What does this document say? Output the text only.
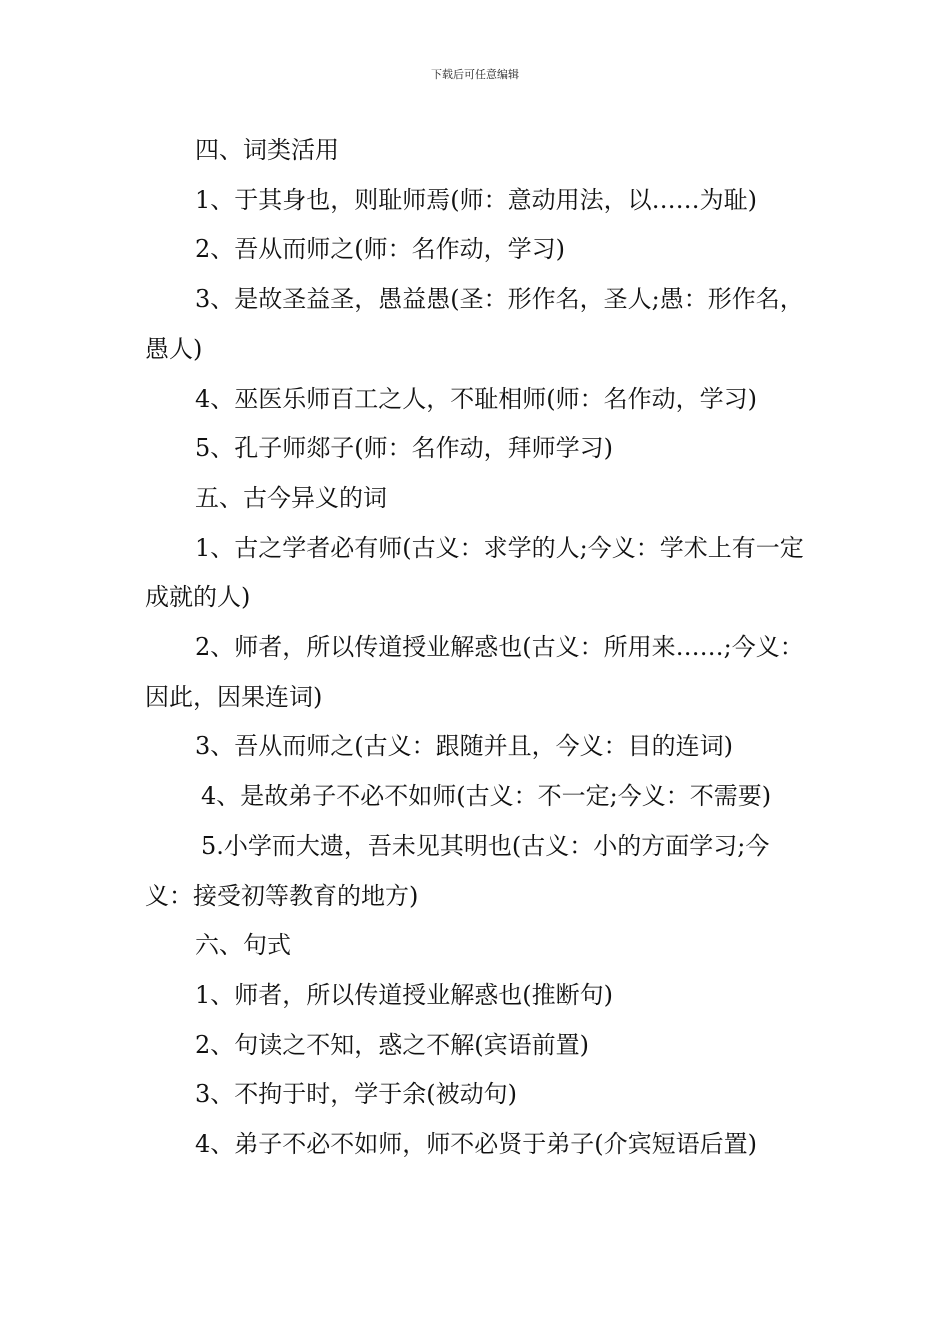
下载后可任意编辑

四、词类活用

1、于其身也，则耻师焉(师：意动用法，以……为耻)

2、吾从而师之(师：名作动，学习)

3、是故圣益圣，愚益愚(圣：形作名，圣人;愚：形作名，愚人)

4、巫医乐师百工之人，不耻相师(师：名作动，学习)

5、孔子师郯子(师：名作动，拜师学习)

五、古今异义的词

1、古之学者必有师(古义：求学的人;今义：学术上有一定成就的人)

2、师者，所以传道授业解惑也(古义：所用来……;今义：因此，因果连词)

3、吾从而师之(古义：跟随并且，今义：目的连词)

4、是故弟子不必不如师(古义：不一定;今义：不需要)

5.小学而大遗，吾未见其明也(古义：小的方面学习;今义：接受初等教育的地方)

六、句式

1、师者，所以传道授业解惑也(推断句)

2、句读之不知，惑之不解(宾语前置)

3、不拘于时，学于余(被动句)

4、弟子不必不如师，师不必贤于弟子(介宾短语后置)
